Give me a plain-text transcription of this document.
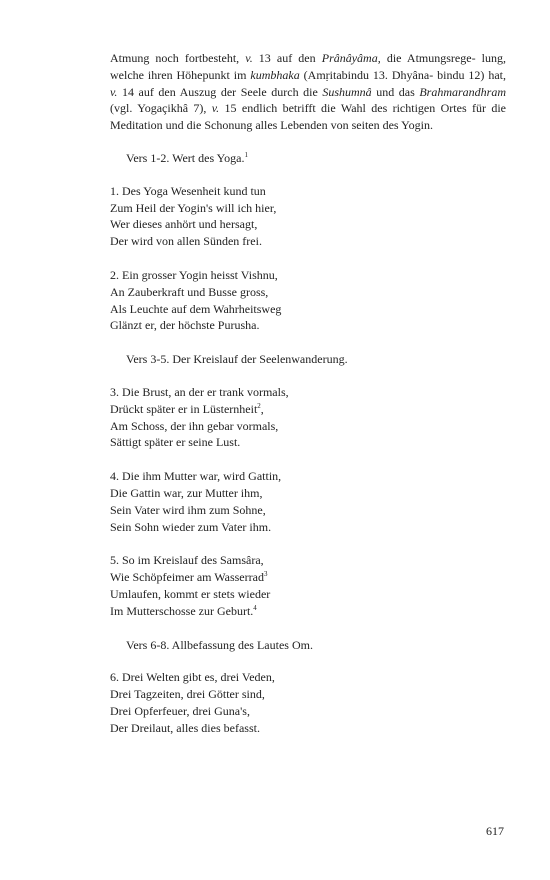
Atmung noch fortbesteht, v. 13 auf den Prânâyâma, die Atmungsrege- lung, welche ihren Höhepunkt im kumbhaka (Amṛitabindu 13. Dhyâna- bindu 12) hat, v. 14 auf den Auszug der Seele durch die Sushumnâ und das Brahmarandhram (vgl. Yogaçikhâ 7), v. 15 endlich betrifft die Wahl des richtigen Ortes für die Meditation und die Schonung alles Lebenden von seiten des Yogin.

Vers 1-2. Wert des Yoga.$^1$
1. Des Yoga Wesenheit kund tun
Zum Heil der Yogin's will ich hier,
Wer dieses anhört und hersagt,
Der wird von allen Sünden frei.
2. Ein grosser Yogin heisst Vishnu,
An Zauberkraft und Busse gross,
Als Leuchte auf dem Wahrheitsweg
Glänzt er, der höchste Purusha.
Vers 3-5. Der Kreislauf der Seelenwanderung.
3. Die Brust, an der er trank vormals,
Drückt später er in Lüsternheit$^2$,
Am Schoss, der ihn gebar vormals,
Sättigt später er seine Lust.
4. Die ihm Mutter war, wird Gattin,
Die Gattin war, zur Mutter ihm,
Sein Vater wird ihm zum Sohne,
Sein Sohn wieder zum Vater ihm.
5. So im Kreislauf des Samsâra,
Wie Schöpfeimer am Wasserrad$^3$
Umlaufen, kommt er stets wieder
Im Mutterschosse zur Geburt.$^4$
Vers 6-8. Allbefassung des Lautes Om.
6. Drei Welten gibt es, drei Veden,
Drei Tagzeiten, drei Götter sind,
Drei Opferfeuer, drei Guna's,
Der Dreilaut, alles dies befasst.
617
